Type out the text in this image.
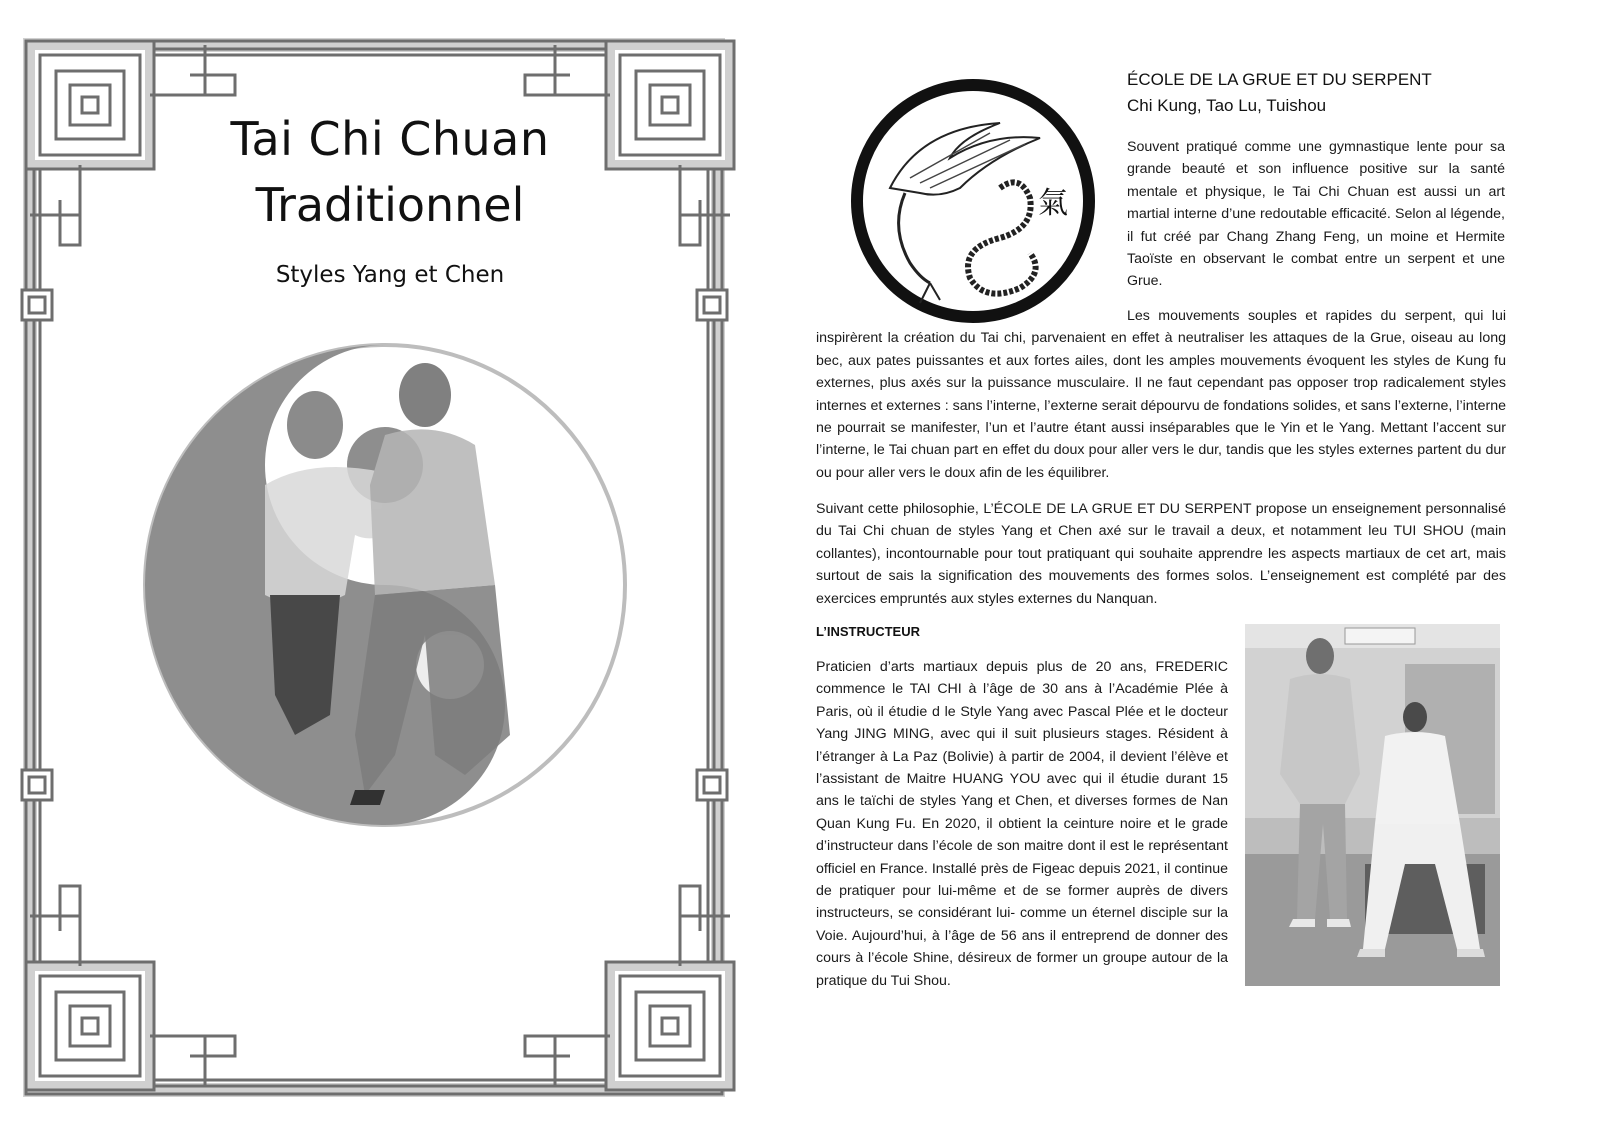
Tai Chi Chuan
Traditionnel
Styles Yang et Chen
氣
ÉCOLE DE LA GRUE ET DU SERPENT
Chi Kung, Tao Lu, Tuishou

Souvent pratiqué comme une gymnastique lente pour sa grande beauté et son influence positive sur la santé mentale et physique, le Tai Chi Chuan est aussi un art martial interne d’une redoutable efficacité. Selon al légende, il fut créé par Chang Zhang Feng, un moine et Hermite Taoïste en observant le combat entre un serpent et une Grue.

Les mouvements souples et rapides du serpent, qui lui inspirèrent la création du Tai chi, parvenaient en effet à neutraliser les attaques de la Grue, oiseau au long bec, aux pates puissantes et aux fortes ailes, dont les amples mouvements évoquent les styles de Kung fu externes, plus axés sur la puissance musculaire. Il ne faut cependant pas opposer trop radicalement styles internes et externes : sans l’interne, l’externe serait dépourvu de fondations solides, et sans l’externe, l’interne ne pourrait se manifester, l’un et l’autre étant aussi inséparables que le Yin et le Yang. Mettant l’accent sur l’interne, le Tai chuan part en effet du doux pour aller vers le dur, tandis que les styles externes partent du dur ou pour aller vers le doux afin de les équilibrer.

Suivant cette philosophie, L’ÉCOLE DE LA GRUE ET DU SERPENT propose un enseignement personnalisé du Tai Chi chuan de styles Yang et Chen axé sur le travail a deux, et notamment leu TUI SHOU (main collantes), incontournable pour tout pratiquant qui souhaite apprendre les aspects martiaux de cet art, mais surtout de sais la signification des mouvements des formes solos. L’enseignement est complété par des exercices empruntés aux styles externes du Nanquan.

L’INSTRUCTEUR

Praticien d’arts martiaux depuis plus de 20 ans, FREDERIC commence le TAI CHI à l’âge de 30 ans à l’Académie Plée à Paris, où il étudie d le Style Yang avec Pascal Plée et le docteur Yang JING MING, avec qui il suit plusieurs stages. Résident à l’étranger à La Paz (Bolivie) à partir de 2004, il devient l’élève et l’assistant de Maitre HUANG YOU avec qui il étudie durant 15 ans le taïchi de styles Yang et Chen, et diverses formes de Nan Quan Kung Fu. En 2020, il obtient la ceinture noire et le grade d’instructeur dans l’école de son maitre dont il est le représentant officiel en France. Installé près de Figeac depuis 2021, il continue de pratiquer pour lui-même et de se former auprès de divers instructeurs, se considérant lui- comme un éternel disciple sur la Voie. Aujourd’hui, à l’âge de 56 ans il entreprend de donner des cours à l’école Shine, désireux de former un groupe autour de la pratique du Tui Shou.
